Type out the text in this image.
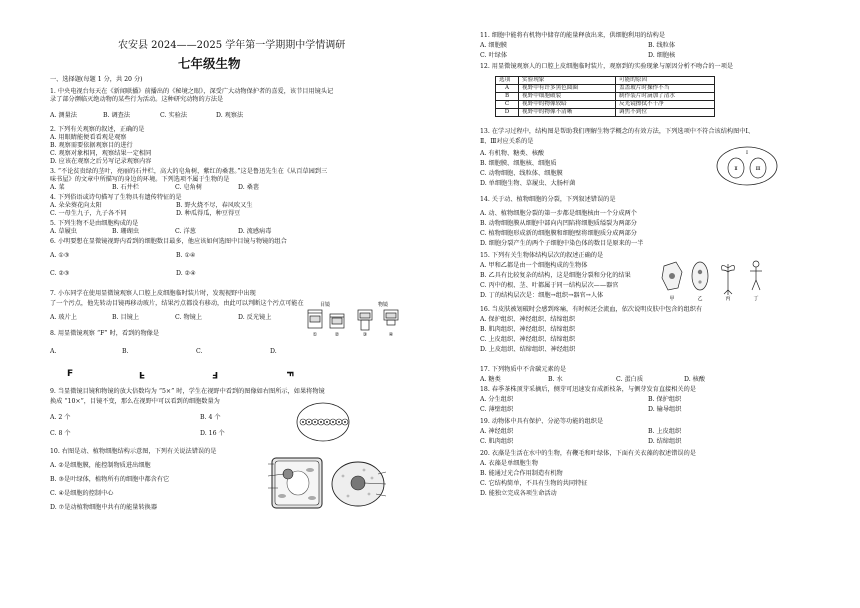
农安县 2024——2025 学年第一学期期中学情调研
七年级生物
一、选择题(每题 1 分，共 20 分)
1. 中央电视台每天在《新闻联播》前播出的《秘境之眼》，深受广大动物保护者的喜爱，该节目用镜头记
录了部分濒临灭绝动物的某些行为活动。这种研究动物的方法是
A. 测量法	B. 调查法	C. 实验法	D. 观察法
2. 下列有关观察的叙述，正确的是
A. 用眼睛能便看看观是观察
B. 观察需要依据观察目的进行
C. 观察对象相同，观察结果一定相同
D. 应该在观察之后另写记录观察内容
3. “不论贫贵绿的茎叶，亮丽的石井栏，高大的皂角树，紫红的桑葚。”这是鲁迅先生在《从百草园到三
味书屋》的文章中所描写的身边的环境。下列选项不属于生物的是
A. 菜	B. 石井栏	C. 皂角树	D. 桑葚
4. 下列俗语或诗句描写了生物具有遗传特征的是
A. 朵朵葵花向太阳	B. 野火烧不尽，春风吹又生
C. 一母生九子，九子各不同	D. 种瓜得瓜，种豆得豆
5. 下列生物不是由细胞构成的是
A. 草履虫	B. 珊瑚虫	C. 洋葱	D. 流感病毒
6. 小明要想在显微镜视野内看到的细胞数目最多，他应该如何选图中目镜与物镜的组合
A. ①③	B. ①④
C. ②③	D. ②④
7. 小东同学在使用显微镜观察人口腔上皮细胞临时装片时，发现视野中出现
了一个污点，他先转动目镜再移动玻片，结果污点都没有移动，由此可以判断这个污点可能在
A. 玻片上	B. 目镜上	C. 物镜上	D. 反光镜上
8. 用显微镜观察 “F” 时，看到的物像是
A.	B.	C.	D.
9. 当显微镜目镜和物镜的放大倍数均为 “5×” 时，学生在视野中看到的图像如右图所示，如果将物镜
换成 “10×”，目镜不变，那么在视野中可以看到的细胞数量为
A. 2 个	B. 4 个
C. 8 个	D. 16 个
10. 右图是动、植物细胞结构示意图，下列有关说法错误的是
A. ②是细胞膜，能控制物质进出细胞
B. ③是叶绿体，植物所有的细胞中都含有它
C. ④是细胞的控制中心
D. ⑦是动植物细胞中共有的能量转换器
11. 细胞中能将有机物中储存的能量释放出来，供细胞利用的结构是
A. 细胞膜	B. 线粒体
C. 叶绿体	D. 细胞核
12. 用显微镜观察人的口腔上皮细胞临时装片，观察到的实验现象与原因分析不吻合的一项是
13. 在学习过程中，结构图是帮助我们理解生物学概念的有效方法，下列选项中不符合该结构图中Ⅰ、
Ⅱ、Ⅲ对应关系的是
A. 有机物、糖类、核酸
B. 细胞膜、细胞核、细胞质
C. 动物细胞、线粒体、细胞膜
D. 单细胞生物、草履虫、大肠杆菌
14. 关于动、植物细胞的分裂，下列叙述错误的是
A. 动、植物细胞分裂的第一步都是细胞核由一个分成两个
B. 动物细胞膜从细胞中部向内凹陷将细胞质缢裂为两部分
C. 植物细胞形成新的细胞膜和细胞壁将细胞质分成两部分
D. 细胞分裂产生的两个子细胞中染色体的数目是原来的一半
15. 下列有关生物体结构层次的叙述正确的是
A. 甲和乙都是由一个细胞构成的生物体
B. 乙具有比较复杂的结构，这是细胞分裂和分化的结果
C. 丙中的根、茎、叶都属于同一结构层次——器官
D. 丁的结构层次是：细胞→组织→器官→人体
16. 当皮肤被划破时会感到疼痛，有时候还会流血，依次说明皮肤中包含的组织有
A. 保护组织、神经组织、结缔组织
B. 肌肉组织、神经组织、结缔组织
C. 上皮组织、神经组织、结缔组织
D. 上皮组织、结缔组织、神经组织
17. 下列物质中不含碳元素的是
A. 糖类	B. 水	C. 蛋白质	D. 核酸
18. 春季茶株顶芽采摘后，侧芽可迅速发育成新枝条，与侧芽发育直接相关的是
A. 分生组织	B. 保护组织
C. 薄壁组织	D. 输导组织
19. 动物体中具有保护、分泌等功能的组织是
A. 神经组织	B. 上皮组织
C. 肌肉组织	D. 结缔组织
20. 衣藻是生活在水中的生物，有鞭毛和叶绿体，下面有关衣藻的叙述错误的是
A. 衣藻是单细胞生物
B. 能通过光合作用制造有机物
C. 它结构简单，不具有生物的共同特征
D. 能独立完成各项生命活动
选项	实验现象	可能的原因
A	视野中有许多黑色圆圈	盖盖玻片时操作不当
B	视野中细胞破裂	制作装片时滴加了清水
C	视野中的物像较暗	反光镜擦拭不干净
D	视野中的物像不清晰	调焦不到位
目镜	物镜
①	②	③	④
F	F	F	F
Ⅰ
Ⅱ	Ⅲ
甲	乙	丙	丁
